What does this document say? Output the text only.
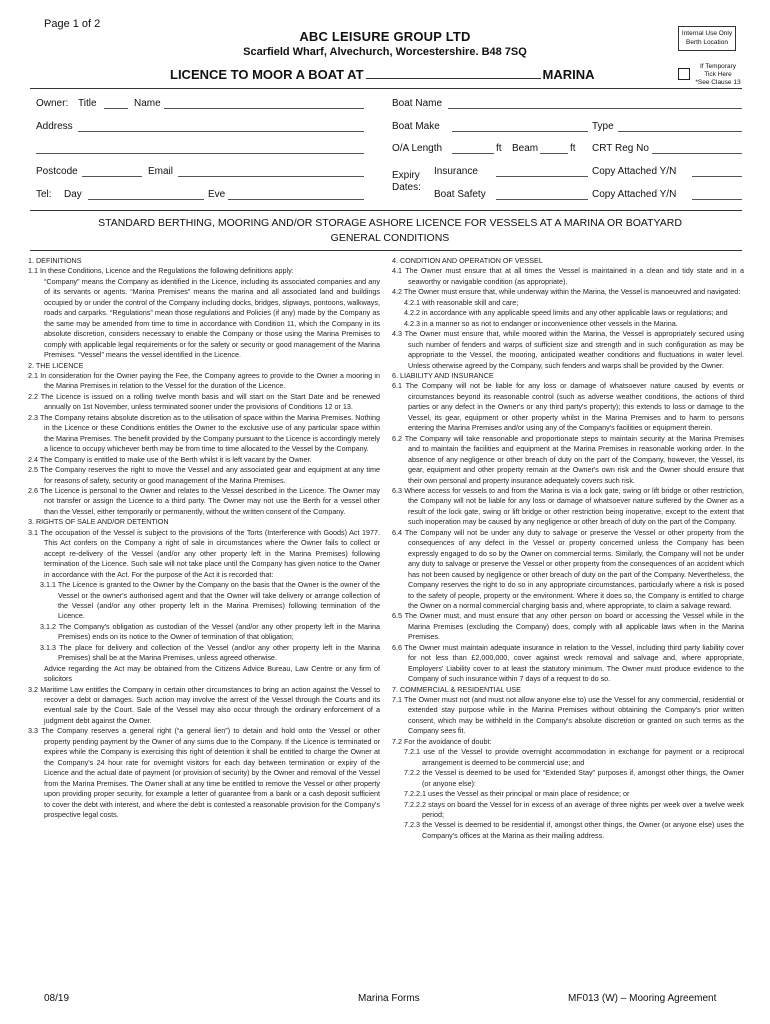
Page 1 of 2
ABC LEISURE GROUP LTD
Scarfield Wharf, Alvechurch, Worcestershire. B48 7SQ
Internal Use Only
Berth Location
LICENCE TO MOOR A BOAT AT	MARINA
If Temporary
Tick Here
*See Clause 13
Owner: Title	Name
Address
Postcode	Email
Tel: Day	Eve
Boat Name
Boat Make	Type
O/A Length	ft Beam	ft CRT Reg No
Expiry
Dates:
Insurance	Copy Attached Y/N
Boat Safety	Copy Attached Y/N
STANDARD BERTHING, MOORING AND/OR STORAGE ASHORE LICENCE FOR VESSELS AT A MARINA OR BOATYARD
GENERAL CONDITIONS

1. DEFINITIONS

1.1 In these Conditions, Licence and the Regulations the following definitions apply:

“Company” means the Company as identified in the Licence, including its associated companies and any of its servants or agents. “Marina Premises” means the marina and all associated land and buildings occupied by or under the control of the Company including docks, bridges, slipways, pontoons, walkways, roads and carparks. “Regulations” mean those regulations and Policies (if any) made by the Company as the same may be amended from time to time in accordance with Condition 11, which the Company in its absolute discretion, considers necessary to enable the Company or those using the Marina Premises to comply with applicable legal requirements or for the safety or security or good management of the Marina Premises. “Vessel” means the vessel identified in the Licence.

2. THE LICENCE

2.1 In consideration for the Owner paying the Fee, the Company agrees to provide to the Owner a mooring in the Marina Premises in relation to the Vessel for the duration of the Licence.

2.2 The Licence is issued on a rolling twelve month basis and will start on the Start Date and be renewed annually on 1st November, unless terminated sooner under the provisions of Conditions 12 or 13.

2.3 The Company retains absolute discretion as to the utilisation of space within the Marina Premises. Nothing in the Licence or these Conditions entitles the Owner to the exclusive use of any particular space within the Marina Premises. The benefit provided by the Company pursuant to the Licence is accordingly merely a licence to occupy whichever berth may be from time to time allocated to the Vessel by the Company.

2.4 The Company is entitled to make use of the Berth whilst it is left vacant by the Owner.

2.5 The Company reserves the right to move the Vessel and any associated gear and equipment at any time for reasons of safety, security or good management of the Marina Premises.

2.6 The Licence is personal to the Owner and relates to the Vessel described in the Licence. The Owner may not transfer or assign the Licence to a third party. The Owner may not use the Berth for a vessel other than the Vessel, either temporarily or permanently, without the written consent of the Company.

3. RIGHTS OF SALE AND/OR DETENTION

3.1 The occupation of the Vessel is subject to the provisions of the Torts (Interference with Goods) Act 1977. This Act confers on the Company a right of sale in circumstances where the Owner fails to collect or accept re-delivery of the Vessel (and/or any other property left in the Marina Premises) following termination of the Licence. Such sale will not take place until the Company has given notice to the Owner in accordance with the Act. For the purpose of the Act it is recorded that:

3.1.1 The Licence is granted to the Owner by the Company on the basis that the Owner is the owner of the Vessel or the owner's authorised agent and that the Owner will take delivery or arrange collection of the Vessel (and/or any other property left in the Marina Premises) following termination of the Licence.

3.1.2 The Company's obligation as custodian of the Vessel (and/or any other property left in the Marina Premises) ends on its notice to the Owner of termination of that obligation;

3.1.3 The place for delivery and collection of the Vessel (and/or any other property left in the Marina Premises) shall be at the Marina Premises, unless agreed otherwise.

Advice regarding the Act may be obtained from the Citizens Advice Bureau, Law Centre or any firm of solicitors

3.2 Maritime Law entitles the Company in certain other circumstances to bring an action against the Vessel to recover a debt or damages. Such action may involve the arrest of the Vessel through the Courts and its eventual sale by the Court. Sale of the Vessel may also occur through the ordinary enforcement of a judgment debt against the Owner.

3.3 The Company reserves a general right (“a general lien”) to detain and hold onto the Vessel or other property pending payment by the Owner of any sums due to the Company. If the Licence is terminated or expires while the Company is exercising this right of detention it shall be entitled to charge the Owner at the Company's 24 hour rate for overnight visitors for each day between termination or expiry of the Licence and the actual date of payment (or provision of security) by the Owner and removal of the Vessel from the Marina Premises. The Owner shall at any time be entitled to remove the Vessel or other property upon providing proper security, for example a letter of guarantee from a bank or a cash deposit sufficient to cover the debt with interest, and where the debt is contested a reasonable provision for the Company's prospective legal costs.

4. CONDITION AND OPERATION OF VESSEL

4.1 The Owner must ensure that at all times the Vessel is maintained in a clean and tidy state and in a seaworthy or navigable condition (as appropriate).

4.2 The Owner must ensure that, while underway within the Marina, the Vessel is manoeuvred and navigated:

4.2.1 with reasonable skill and care;

4.2.2 in accordance with any applicable speed limits and any other applicable laws or regulations; and

4.2.3 in a manner so as not to endanger or inconvenience other vessels in the Marina.

4.3 The Owner must ensure that, while moored within the Marina, the Vessel is appropriately secured using such number of fenders and warps of sufficient size and strength and in such configuration as may be appropriate to the Vessel, the mooring, anticipated weather conditions and fluctuations in water level. Unless otherwise agreed by the Company, such fenders and warps shall be provided by the Owner.

6. LIABILITY AND INSURANCE

6.1 The Company will not be liable for any loss or damage of whatsoever nature caused by events or circumstances beyond its reasonable control (such as adverse weather conditions, the actions of third parties or any defect in the Owner's or any third party's property); this extends to loss or damage to the Vessel, its gear, equipment or other property whilst in the Marina Premises and to harm to persons entering the Marina Premises and/or using any of the Company's facilities or equipment therein.

6.2 The Company will take reasonable and proportionate steps to maintain security at the Marina Premises and to maintain the facilities and equipment at the Marina Premises in reasonable working order. In the absence of any negligence or other breach of duty on the part of the Company, however, the Vessel, its gear, equipment and other property remain at the Owner's own risk and the Owner should ensure that their own personal and property insurance adequately covers such risk.

6.3 Where access for vessels to and from the Marina is via a lock gate, swing or lift bridge or other restriction, the Company will not be liable for any loss or damage of whatsoever nature suffered by the Owner as a result of the lock gate, swing or lift bridge or other restriction being inoperative, except to the extent that such inoperation may be caused by any negligence or other breach of duty on the part of the Company.

6.4 The Company will not be under any duty to salvage or preserve the Vessel or other property from the consequences of any defect in the Vessel or property concerned unless the Company has been expressly engaged to do so by the Owner on commercial terms. Similarly, the Company will not be under any duty to salvage or preserve the Vessel or other property from the consequences of an accident which has not been caused by negligence or other breach of duty on the part of the Company. Nevertheless, the Company reserves the right to do so in any appropriate circumstances, particularly where a risk is posed to the safety of people, property or the environment. Where it does so, the Company is entitled to charge the Owner on a normal commercial charging basis and, where appropriate, to claim a salvage reward.

6.5 The Owner must, and must ensure that any other person on board or accessing the Vessel while in the Marina Premises (excluding the Company) does, comply with all applicable laws when in the Marina Premises.

6.6 The Owner must maintain adequate insurance in relation to the Vessel, including third party liability cover for not less than £2,000,000, cover against wreck removal and salvage and, where appropriate, Employers' Liability cover to at least the statutory minimum. The Owner must produce evidence to the Company of such insurance within 7 days of a request to do so.

7. COMMERCIAL & RESIDENTIAL USE

7.1 The Owner must not (and must not allow anyone else to) use the Vessel for any commercial, residential or extended stay purpose while in the Marina Premises without obtaining the Company's prior written consent, which may be withheld in the Company's absolute discretion or granted on such terms as the Company sees fit.

7.2 For the avoidance of doubt:

7.2.1 use of the Vessel to provide overnight accommodation in exchange for payment or a reciprocal arrangement is deemed to be commercial use; and

7.2.2 the Vessel is deemed to be used for “Extended Stay” purposes if, amongst other things, the Owner (or anyone else):

7.2.2.1 uses the Vessel as their principal or main place of residence; or

7.2.2.2 stays on board the Vessel for in excess of an average of three nights per week over a twelve week period;

7.2.3 the Vessel is deemed to be residential if, amongst other things, the Owner (or anyone else) uses the Company's offices at the Marina as their mailing address.

08/19	Marina Forms	MF013 (W) – Mooring Agreement
